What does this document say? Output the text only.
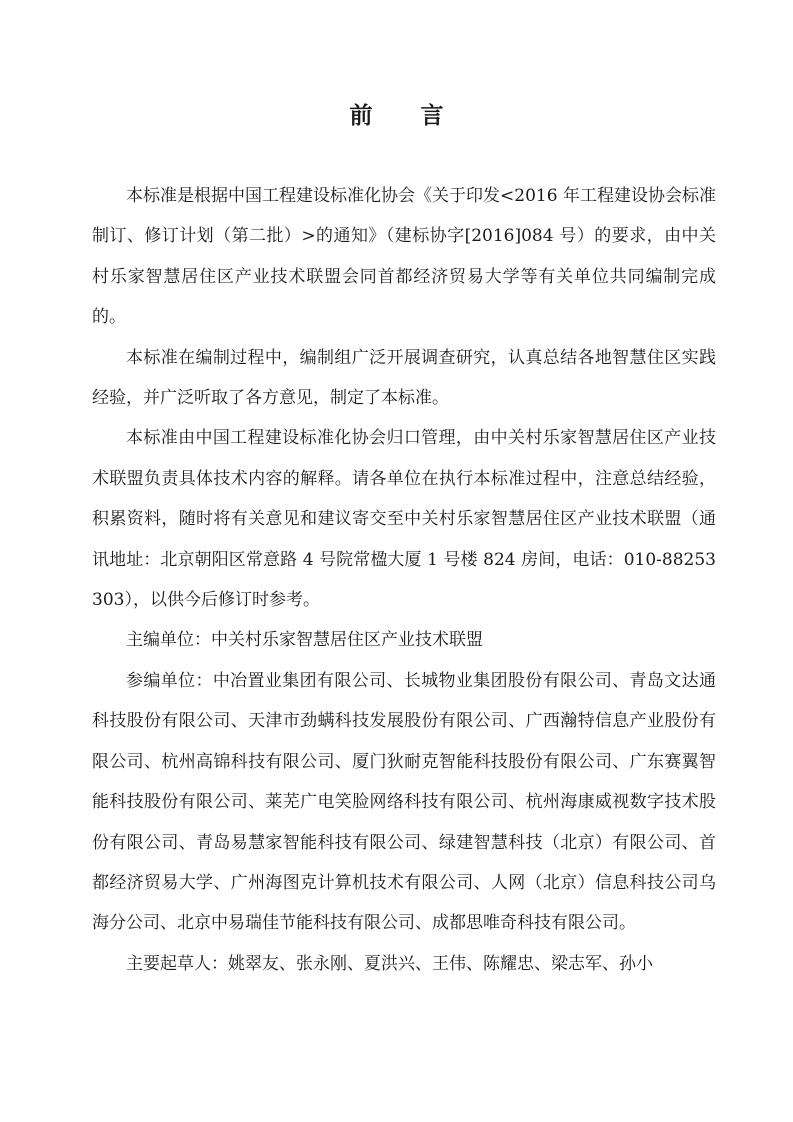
前 言

本标准是根据中国工程建设标准化协会《关于印发<2016 年工程建设协会标准制订、修订计划（第二批）>的通知》（建标协字[2016]084 号）的要求，由中关村乐家智慧居住区产业技术联盟会同首都经济贸易大学等有关单位共同编制完成的。

本标准在编制过程中，编制组广泛开展调查研究，认真总结各地智慧住区实践经验，并广泛听取了各方意见，制定了本标准。

本标准由中国工程建设标准化协会归口管理，由中关村乐家智慧居住区产业技术联盟负责具体技术内容的解释。请各单位在执行本标准过程中，注意总结经验，积累资料，随时将有关意见和建议寄交至中关村乐家智慧居住区产业技术联盟（通讯地址：北京朝阳区常意路 4 号院常楹大厦 1 号楼 824 房间，电话：010-88253303），以供今后修订时参考。

主编单位：中关村乐家智慧居住区产业技术联盟

参编单位：中冶置业集团有限公司、长城物业集团股份有限公司、青岛文达通科技股份有限公司、天津市劲螨科技发展股份有限公司、广西瀚特信息产业股份有限公司、杭州高锦科技有限公司、厦门狄耐克智能科技股份有限公司、广东赛翼智能科技股份有限公司、莱芜广电笑脸网络科技有限公司、杭州海康威视数字技术股份有限公司、青岛易慧家智能科技有限公司、绿建智慧科技（北京）有限公司、首都经济贸易大学、广州海图克计算机技术有限公司、人网（北京）信息科技公司乌海分公司、北京中易瑞佳节能科技有限公司、成都思唯奇科技有限公司。

主要起草人：姚翠友、张永刚、夏洪兴、王伟、陈耀忠、梁志军、孙小
